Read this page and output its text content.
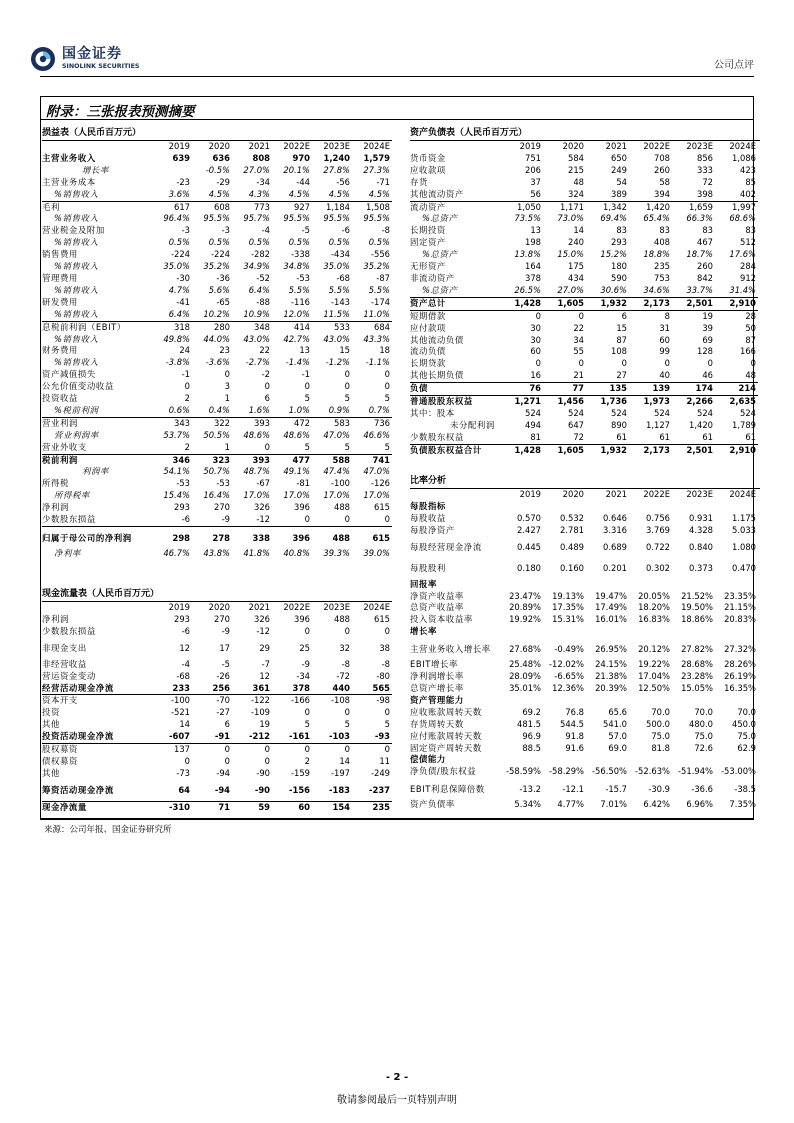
国金证券
SINOLINK SECURITIES	公司点评
附录：三张报表预测摘要
损益表（人民币百万元）
	2019	2020	2021	2022E	2023E	2024E
主营业务收入	639	636	808	970	1,240	1,579
增长率		-0.5%	27.0%	20.1%	27.8%	27.3%
主营业务成本	-23	-29	-34	-44	-56	-71
%销售收入	3.6%	4.5%	4.3%	4.5%	4.5%	4.5%
毛利	617	608	773	927	1,184	1,508
%销售收入	96.4%	95.5%	95.7%	95.5%	95.5%	95.5%
营业税金及附加	-3	-3	-4	-5	-6	-8
%销售收入	0.5%	0.5%	0.5%	0.5%	0.5%	0.5%
销售费用	-224	-224	-282	-338	-434	-556
%销售收入	35.0%	35.2%	34.9%	34.8%	35.0%	35.2%
管理费用	-30	-36	-52	-53	-68	-87
%销售收入	4.7%	5.6%	6.4%	5.5%	5.5%	5.5%
研发费用	-41	-65	-88	-116	-143	-174
%销售收入	6.4%	10.2%	10.9%	12.0%	11.5%	11.0%
息税前利润（EBIT）	318	280	348	414	533	684
%销售收入	49.8%	44.0%	43.0%	42.7%	43.0%	43.3%
财务费用	24	23	22	13	15	18
%销售收入	-3.8%	-3.6%	-2.7%	-1.4%	-1.2%	-1.1%
资产减值损失	-1	0	-2	-1	0	0
公允价值变动收益	0	3	0	0	0	0
投资收益	2	1	6	5	5	5
%税前利润	0.6%	0.4%	1.6%	1.0%	0.9%	0.7%
营业利润	343	322	393	472	583	736
营业利润率	53.7%	50.5%	48.6%	48.6%	47.0%	46.6%
营业外收支	2	1	0	5	5	5
税前利润	346	323	393	477	588	741
利润率	54.1%	50.7%	48.7%	49.1%	47.4%	47.0%
所得税	-53	-53	-67	-81	-100	-126
所得税率	15.4%	16.4%	17.0%	17.0%	17.0%	17.0%
净利润	293	270	326	396	488	615
少数股东损益	-6	-9	-12	0	0	0
归属于母公司的净利润	298	278	338	396	488	615
净利率	46.7%	43.8%	41.8%	40.8%	39.3%	39.0%
现金流量表（人民币百万元）
	2019	2020	2021	2022E	2023E	2024E
净利润	293	270	326	396	488	615
少数股东损益	-6	-9	-12	0	0	0
非现金支出	12	17	29	25	32	38
非经营收益	-4	-5	-7	-9	-8	-8
营运资金变动	-68	-26	12	-34	-72	-80
经营活动现金净流	233	256	361	378	440	565
资本开支	-100	-70	-122	-166	-108	-98
投资	-521	-27	-109	0	0	0
其他	14	6	19	5	5	5
投资活动现金净流	-607	-91	-212	-161	-103	-93
股权募资	137	0	0	0	0	0
债权募资	0	0	0	2	14	11
其他	-73	-94	-90	-159	-197	-249
筹资活动现金净流	64	-94	-90	-156	-183	-237
现金净流量	-310	71	59	60	154	235
资产负债表（人民币百万元）
	2019	2020	2021	2022E	2023E	2024E
货币资金	751	584	650	708	856	1,086
应收款项	206	215	249	260	333	423
存货	37	48	54	58	72	85
其他流动资产	56	324	389	394	398	402
流动资产	1,050	1,171	1,342	1,420	1,659	1,997
%总资产	73.5%	73.0%	69.4%	65.4%	66.3%	68.6%
长期投资	13	14	83	83	83	83
固定资产	198	240	293	408	467	512
%总资产	13.8%	15.0%	15.2%	18.8%	18.7%	17.6%
无形资产	164	175	180	235	260	284
非流动资产	378	434	590	753	842	912
%总资产	26.5%	27.0%	30.6%	34.6%	33.7%	31.4%
资产总计	1,428	1,605	1,932	2,173	2,501	2,910
短期借款	0	0	6	8	19	28
应付款项	30	22	15	31	39	50
其他流动负债	30	34	87	60	69	87
流动负债	60	55	108	99	128	166
长期贷款	0	0	0	0	0	0
其他长期负债	16	21	27	40	46	48
负债	76	77	135	139	174	214
普通股股东权益	1,271	1,456	1,736	1,973	2,266	2,635
其中：股本	524	524	524	524	524	524
未分配利润	494	647	890	1,127	1,420	1,789
少数股东权益	81	72	61	61	61	61
负债股东权益合计	1,428	1,605	1,932	2,173	2,501	2,910
比率分析
	2019	2020	2021	2022E	2023E	2024E
每股指标						
每股收益	0.570	0.532	0.646	0.756	0.931	1.175
每股净资产	2.427	2.781	3.316	3.769	4.328	5.033
每股经营现金净流	0.445	0.489	0.689	0.722	0.840	1.080
每股股利	0.180	0.160	0.201	0.302	0.373	0.470
回报率						
净资产收益率	23.47%	19.13%	19.47%	20.05%	21.52%	23.35%
总资产收益率	20.89%	17.35%	17.49%	18.20%	19.50%	21.15%
投入资本收益率	19.92%	15.31%	16.01%	16.83%	18.86%	20.83%
增长率						
主营业务收入增长率	27.68%	-0.49%	26.95%	20.12%	27.82%	27.32%
EBIT增长率	25.48%	-12.02%	24.15%	19.22%	28.68%	28.26%
净利润增长率	28.09%	-6.65%	21.38%	17.04%	23.28%	26.19%
总资产增长率	35.01%	12.36%	20.39%	12.50%	15.05%	16.35%
资产管理能力						
应收账款周转天数	69.2	76.8	65.6	70.0	70.0	70.0
存货周转天数	481.5	544.5	541.0	500.0	480.0	450.0
应付账款周转天数	96.9	91.8	57.0	75.0	75.0	75.0
固定资产周转天数	88.5	91.6	69.0	81.8	72.6	62.9
偿债能力						
净负债/股东权益	-58.59%	-58.29%	-56.50%	-52.63%	-51.94%	-53.00%
EBIT利息保障倍数	-13.2	-12.1	-15.7	-30.9	-36.6	-38.5
资产负债率	5.34%	4.77%	7.01%	6.42%	6.96%	7.35%
来源：公司年报、国金证券研究所
- 2 -
敬请参阅最后一页特别声明
